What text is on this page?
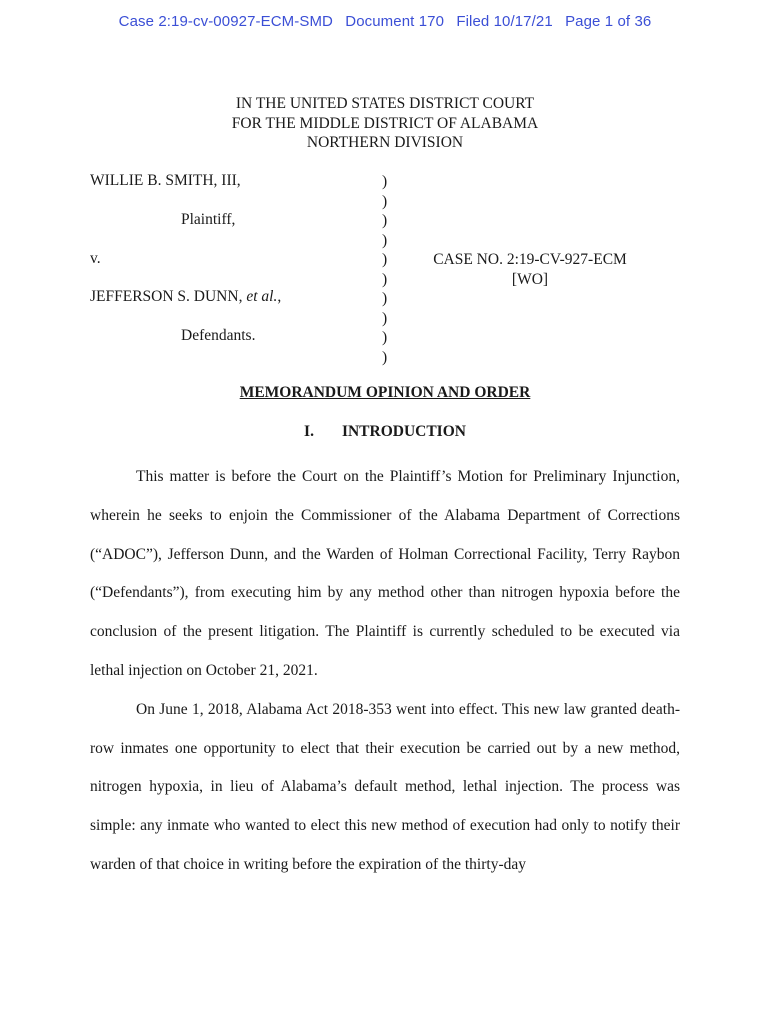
Case 2:19-cv-00927-ECM-SMD Document 170 Filed 10/17/21 Page 1 of 36
IN THE UNITED STATES DISTRICT COURT
FOR THE MIDDLE DISTRICT OF ALABAMA
NORTHERN DIVISION
WILLIE B. SMITH, III,
Plaintiff,
v.
JEFFERSON S. DUNN, et al.,
Defendants.
)
)
)
)
)
)
)
)
)
)
CASE NO. 2:19-CV-927-ECM
[WO]
MEMORANDUM OPINION AND ORDER
I. INTRODUCTION

This matter is before the Court on the Plaintiff’s Motion for Preliminary Injunction, wherein he seeks to enjoin the Commissioner of the Alabama Department of Corrections (“ADOC”), Jefferson Dunn, and the Warden of Holman Correctional Facility, Terry Raybon (“Defendants”), from executing him by any method other than nitrogen hypoxia before the conclusion of the present litigation. The Plaintiff is currently scheduled to be executed via lethal injection on October 21, 2021.

On June 1, 2018, Alabama Act 2018-353 went into effect. This new law granted death-row inmates one opportunity to elect that their execution be carried out by a new method, nitrogen hypoxia, in lieu of Alabama’s default method, lethal injection. The process was simple: any inmate who wanted to elect this new method of execution had only to notify their warden of that choice in writing before the expiration of the thirty-day
